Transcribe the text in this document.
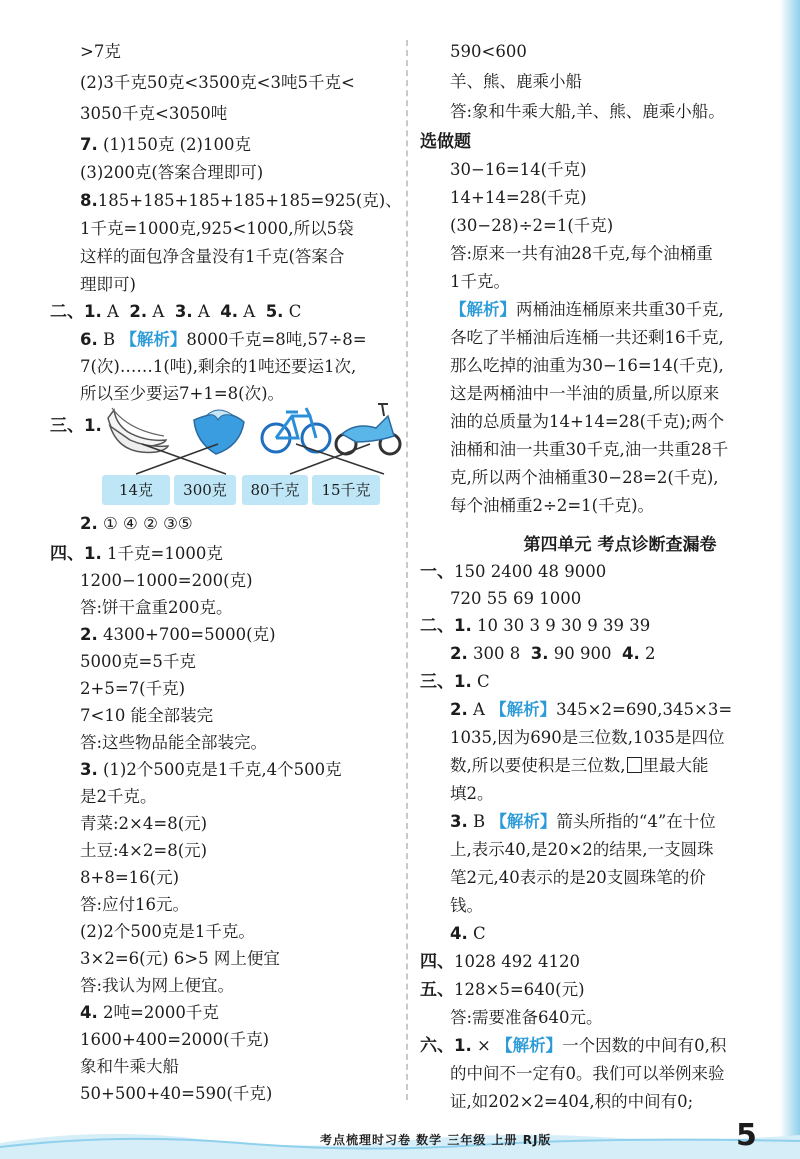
>7克
(2)3千克50克<3500克<3吨5千克<
3050千克<3050吨
7. (1)150克 (2)100克
(3)200克(答案合理即可)
8.185+185+185+185+185=925(克)、
1千克=1000克,925<1000,所以5袋
这样的面包净含量没有1千克(答案合
理即可)
二、1. A 2. A 3. A 4. A 5. C
6. B 【解析】8000千克=8吨,57÷8=
7(次)……1(吨),剩余的1吨还要运1次,
所以至少要运7+1=8(次)。
三、1.
14克	300克	80千克	15千克
2. ① ④ ② ③⑤
四、1. 1千克=1000克
1200−1000=200(克)
答:饼干盒重200克。
2. 4300+700=5000(克)
5000克=5千克
2+5=7(千克)
7<10 能全部装完
答:这些物品能全部装完。
3. (1)2个500克是1千克,4个500克
是2千克。
青菜:2×4=8(元)
土豆:4×2=8(元)
8+8=16(元)
答:应付16元。
(2)2个500克是1千克。
3×2=6(元) 6>5 网上便宜
答:我认为网上便宜。
4. 2吨=2000千克
1600+400=2000(千克)
象和牛乘大船
50+500+40=590(千克)
590<600
羊、熊、鹿乘小船
答:象和牛乘大船,羊、熊、鹿乘小船。
选做题
30−16=14(千克)
14+14=28(千克)
(30−28)÷2=1(千克)
答:原来一共有油28千克,每个油桶重
1千克。
【解析】两桶油连桶原来共重30千克,
各吃了半桶油后连桶一共还剩16千克,
那么吃掉的油重为30−16=14(千克),
这是两桶油中一半油的质量,所以原来
油的总质量为14+14=28(千克);两个
油桶和油一共重30千克,油一共重28千
克,所以两个油桶重30−28=2(千克),
每个油桶重2÷2=1(千克)。
第四单元 考点诊断查漏卷
一、150 2400 48 9000
720 55 69 1000
二、1. 10 30 3 9 30 9 39 39
2. 300 8 3. 90 900 4. 2
三、1. C
2. A 【解析】345×2=690,345×3=
1035,因为690是三位数,1035是四位
数,所以要使积是三位数, 里最大能
填2。
3. B 【解析】箭头所指的“4”在十位
上,表示40,是20×2的结果,一支圆珠
笔2元,40表示的是20支圆珠笔的价
钱。
4. C
四、1028 492 4120
五、128×5=640(元)
答:需要准备640元。
六、1. × 【解析】一个因数的中间有0,积
的中间不一定有0。我们可以举例来验
证,如202×2=404,积的中间有0;
考点梳理时习卷 数学 三年级 上册 RJ版	5
